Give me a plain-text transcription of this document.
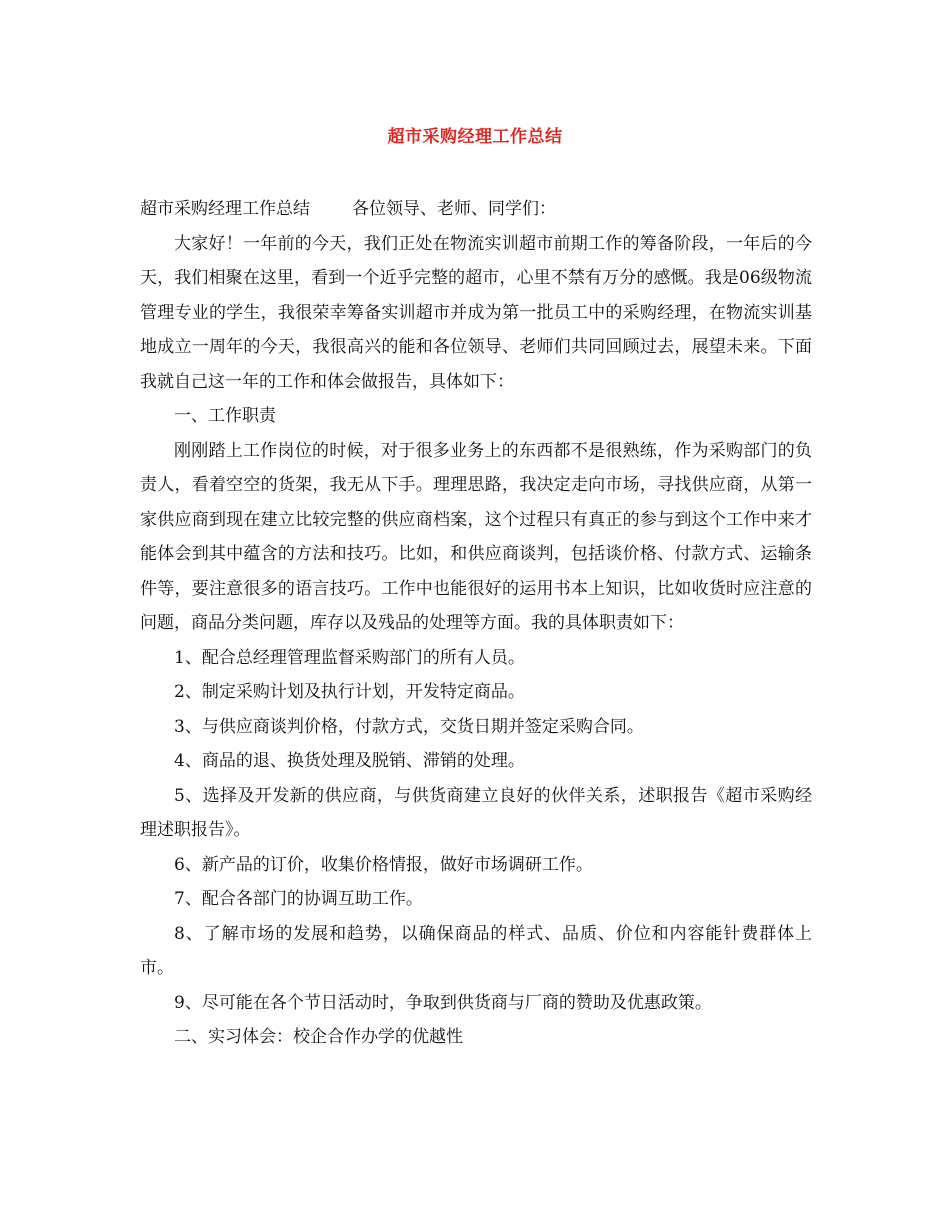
超市采购经理工作总结

超市采购经理工作总结 各位领导、老师、同学们：

大家好！一年前的今天，我们正处在物流实训超市前期工作的筹备阶段，一年后的今天，我们相聚在这里，看到一个近乎完整的超市，心里不禁有万分的感慨。我是06级物流管理专业的学生，我很荣幸筹备实训超市并成为第一批员工中的采购经理，在物流实训基地成立一周年的今天，我很高兴的能和各位领导、老师们共同回顾过去，展望未来。下面我就自己这一年的工作和体会做报告，具体如下：

一、工作职责

刚刚踏上工作岗位的时候，对于很多业务上的东西都不是很熟练，作为采购部门的负责人，看着空空的货架，我无从下手。理理思路，我决定走向市场，寻找供应商，从第一家供应商到现在建立比较完整的供应商档案，这个过程只有真正的参与到这个工作中来才能体会到其中蕴含的方法和技巧。比如，和供应商谈判，包括谈价格、付款方式、运输条件等，要注意很多的语言技巧。工作中也能很好的运用书本上知识，比如收货时应注意的问题，商品分类问题，库存以及残品的处理等方面。我的具体职责如下：

1、配合总经理管理监督采购部门的所有人员。

2、制定采购计划及执行计划，开发特定商品。

3、与供应商谈判价格，付款方式，交货日期并签定采购合同。

4、商品的退、换货处理及脱销、滞销的处理。

5、选择及开发新的供应商，与供货商建立良好的伙伴关系，述职报告《超市采购经理述职报告》。

6、新产品的订价，收集价格情报，做好市场调研工作。

7、配合各部门的协调互助工作。

8、了解市场的发展和趋势，以确保商品的样式、品质、价位和内容能针费群体上市。

9、尽可能在各个节日活动时，争取到供货商与厂商的赞助及优惠政策。

二、实习体会：校企合作办学的优越性
